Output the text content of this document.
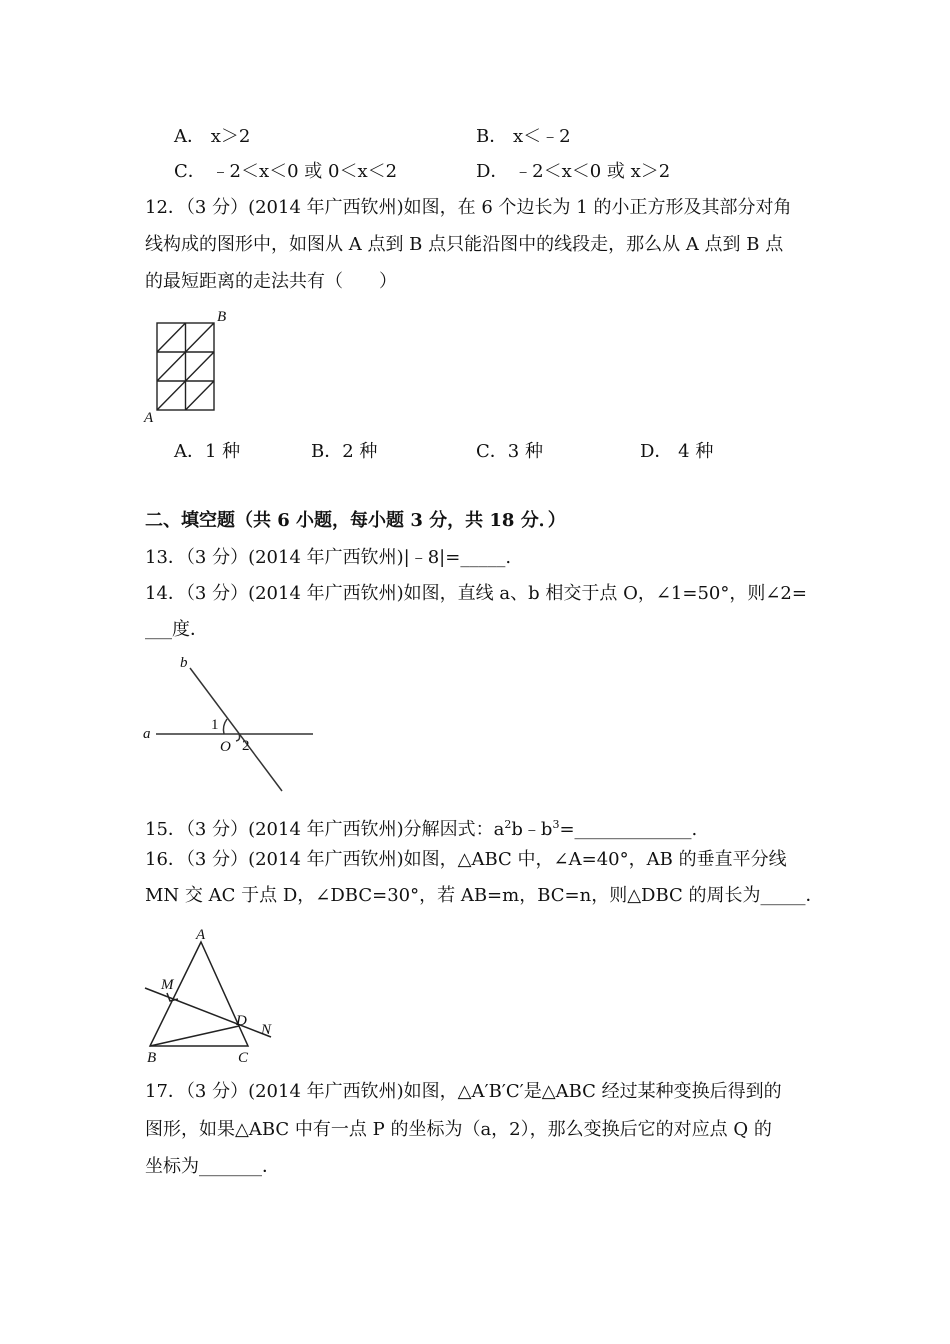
A． x＞2	B． x＜﹣2
C． ﹣2＜x＜0 或 0＜x＜2	D． ﹣2＜x＜0 或 x＞2
12．（3 分）(2014 年广西钦州)如图，在 6 个边长为 1 的小正方形及其部分对角
线构成的图形中，如图从 A 点到 B 点只能沿图中的线段走，那么从 A 点到 B 点
的最短距离的走法共有（　　）
B
A
A．1 种	B．2 种	C．3 种	D． 4 种
二、填空题（共 6 小题，每小题 3 分，共 18 分．）
13．（3 分）(2014 年广西钦州)|﹣8|=_____.
14．（3 分）(2014 年广西钦州)如图，直线 a、b 相交于点 O，∠1=50°，则∠2=
___度．
b
a
1
O 2
15．（3 分）(2014 年广西钦州)分解因式：$a^2b﹣b^3=\_\_\_\_\_\_\_\_\_\_\_\_\_$.
16．（3 分）(2014 年广西钦州)如图，△ABC 中，∠A=40°，AB 的垂直平分线
MN 交 AC 于点 D，∠DBC=30°，若 AB=m，BC=n，则△DBC 的周长为_____．
A
M
D
N
B	C
17．（3 分）(2014 年广西钦州)如图，△A′B′C′是△ABC 经过某种变换后得到的
图形，如果△ABC 中有一点 P 的坐标为（a，2），那么变换后它的对应点 Q 的
坐标为_______．
